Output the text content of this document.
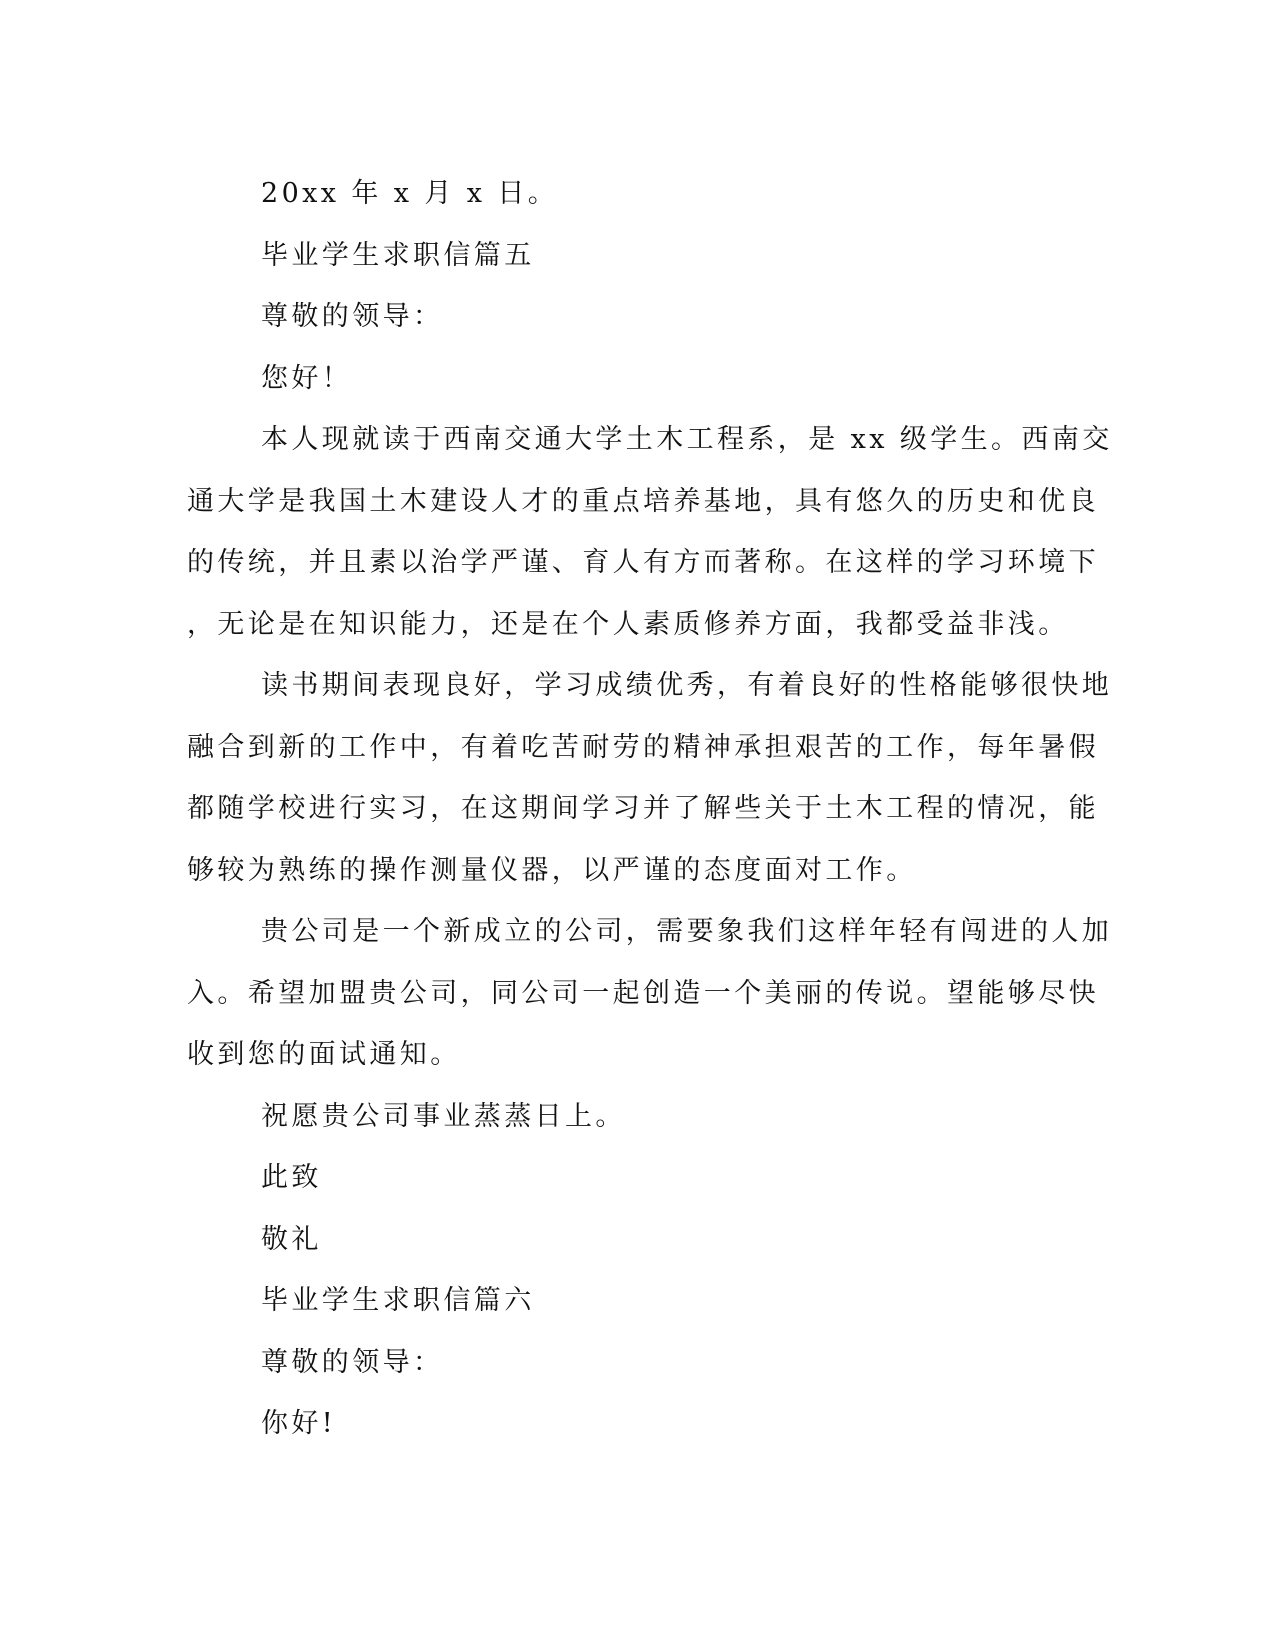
20xx 年 x 月 x 日。
毕业学生求职信篇五
尊敬的领导：
您好！
本人现就读于西南交通大学土木工程系，是 xx 级学生。西南交
通大学是我国土木建设人才的重点培养基地，具有悠久的历史和优良
的传统，并且素以治学严谨、育人有方而著称。在这样的学习环境下
，无论是在知识能力，还是在个人素质修养方面，我都受益非浅。
读书期间表现良好，学习成绩优秀，有着良好的性格能够很快地
融合到新的工作中，有着吃苦耐劳的精神承担艰苦的工作，每年暑假
都随学校进行实习，在这期间学习并了解些关于土木工程的情况，能
够较为熟练的操作测量仪器，以严谨的态度面对工作。
贵公司是一个新成立的公司，需要象我们这样年轻有闯进的人加
入。希望加盟贵公司，同公司一起创造一个美丽的传说。望能够尽快
收到您的面试通知。
祝愿贵公司事业蒸蒸日上。
此致
敬礼
毕业学生求职信篇六
尊敬的领导：
你好!
